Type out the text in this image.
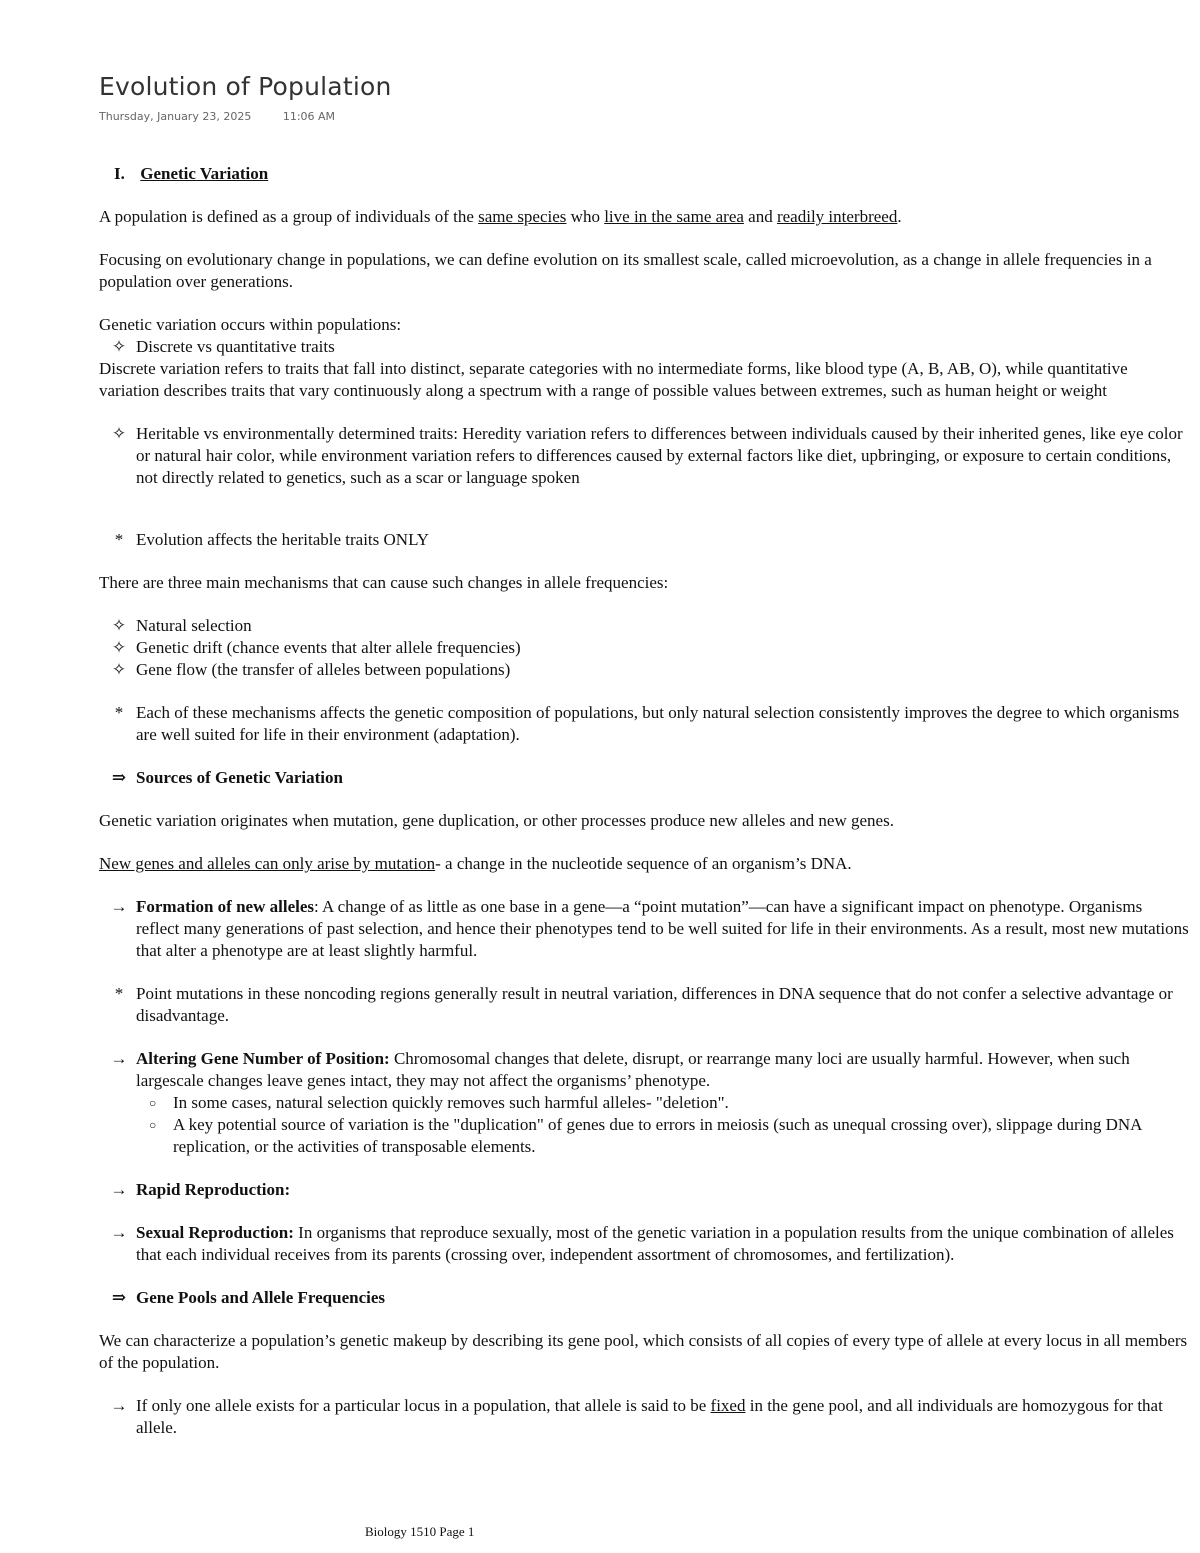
Evolution of Population
Thursday, January 23, 2025	11:06 AM

I. Genetic Variation

A population is defined as a group of individuals of the same species who live in the same area and readily interbreed.

Focusing on evolutionary change in populations, we can define evolution on its smallest scale, called microevolution, as a change in allele frequencies in a population over generations.

Genetic variation occurs within populations:

✧ Discrete vs quantitative traits

Discrete variation refers to traits that fall into distinct, separate categories with no intermediate forms, like blood type (A, B, AB, O), while quantitative variation describes traits that vary continuously along a spectrum with a range of possible values between extremes, such as human height or weight

✧ Heritable vs environmentally determined traits: Heredity variation refers to differences between individuals caused by their inherited genes, like eye color or natural hair color, while environment variation refers to differences caused by external factors like diet, upbringing, or exposure to certain conditions, not directly related to genetics, such as a scar or language spoken

* Evolution affects the heritable traits ONLY

There are three main mechanisms that can cause such changes in allele frequencies:

✧ Natural selection
✧ Genetic drift (chance events that alter allele frequencies)

✧ Gene flow (the transfer of alleles between populations)

* Each of these mechanisms affects the genetic composition of populations, but only natural selection consistently improves the degree to which organisms are well suited for life in their environment (adaptation).

⇒ Sources of Genetic Variation

Genetic variation originates when mutation, gene duplication, or other processes produce new alleles and new genes.

New genes and alleles can only arise by mutation- a change in the nucleotide sequence of an organism’s DNA.

→ Formation of new alleles: A change of as little as one base in a gene—a “point mutation”—can have a significant impact on phenotype. Organisms reflect many generations of past selection, and hence their phenotypes tend to be well suited for life in their environments. As a result, most new mutations that alter a phenotype are at least slightly harmful.

* Point mutations in these noncoding regions generally result in neutral variation, differences in DNA sequence that do not confer a selective advantage or disadvantage.

→ Altering Gene Number of Position: Chromosomal changes that delete, disrupt, or rearrange many loci are usually harmful. However, when such largescale changes leave genes intact, they may not affect the organisms’ phenotype.
○ In some cases, natural selection quickly removes such harmful alleles- "deletion".

○ A key potential source of variation is the "duplication" of genes due to errors in meiosis (such as unequal crossing over), slippage during DNA replication, or the activities of transposable elements.

→ Rapid Reproduction:

→ Sexual Reproduction: In organisms that reproduce sexually, most of the genetic variation in a population results from the unique combination of alleles that each individual receives from its parents (crossing over, independent assortment of chromosomes, and fertilization).

⇒ Gene Pools and Allele Frequencies

We can characterize a population’s genetic makeup by describing its gene pool, which consists of all copies of every type of allele at every locus in all members of the population.

→ If only one allele exists for a particular locus in a population, that allele is said to be fixed in the gene pool, and all individuals are homozygous for that allele.

Biology 1510 Page 1
